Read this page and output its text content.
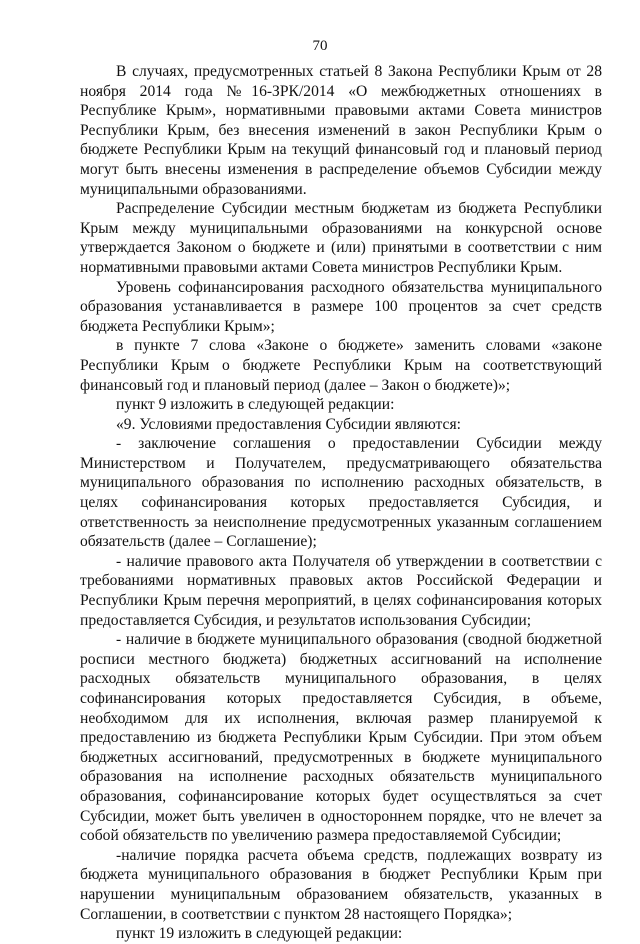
70

В случаях, предусмотренных статьей 8 Закона Республики Крым от 28 ноября 2014 года №16-ЗРК/2014 «О межбюджетных отношениях в Республике Крым», нормативными правовыми актами Совета министров Республики Крым, без внесения изменений в закон Республики Крым о бюджете Республики Крым на текущий финансовый год и плановый период могут быть внесены изменения в распределение объемов Субсидии между муниципальными образованиями.

Распределение Субсидии местным бюджетам из бюджета Республики Крым между муниципальными образованиями на конкурсной основе утверждается Законом о бюджете и (или) принятыми в соответствии с ним нормативными правовыми актами Совета министров Республики Крым.

Уровень софинансирования расходного обязательства муниципального образования устанавливается в размере 100 процентов за счет средств бюджета Республики Крым»;

в пункте 7 слова «Законе о бюджете» заменить словами «законе Республики Крым о бюджете Республики Крым на соответствующий финансовый год и плановый период (далее – Закон о бюджете)»;

пункт 9 изложить в следующей редакции:

«9. Условиями предоставления Субсидии являются:

- заключение соглашения о предоставлении Субсидии между Министерством и Получателем, предусматривающего обязательства муниципального образования по исполнению расходных обязательств, в целях софинансирования которых предоставляется Субсидия, и ответственность за неисполнение предусмотренных указанным соглашением обязательств (далее – Соглашение);

- наличие правового акта Получателя об утверждении в соответствии с требованиями нормативных правовых актов Российской Федерации и Республики Крым перечня мероприятий, в целях софинансирования которых предоставляется Субсидия, и результатов использования Субсидии;

- наличие в бюджете муниципального образования (сводной бюджетной росписи местного бюджета) бюджетных ассигнований на исполнение расходных обязательств муниципального образования, в целях софинансирования которых предоставляется Субсидия, в объеме, необходимом для их исполнения, включая размер планируемой к предоставлению из бюджета Республики Крым Субсидии. При этом объем бюджетных ассигнований, предусмотренных в бюджете муниципального образования на исполнение расходных обязательств муниципального образования, софинансирование которых будет осуществляться за счет Субсидии, может быть увеличен в одностороннем порядке, что не влечет за собой обязательств по увеличению размера предоставляемой Субсидии;

-наличие порядка расчета объема средств, подлежащих возврату из бюджета муниципального образования в бюджет Республики Крым при нарушении муниципальным образованием обязательств, указанных в Соглашении, в соответствии с пунктом 28 настоящего Порядка»;

пункт 19 изложить в следующей редакции:
